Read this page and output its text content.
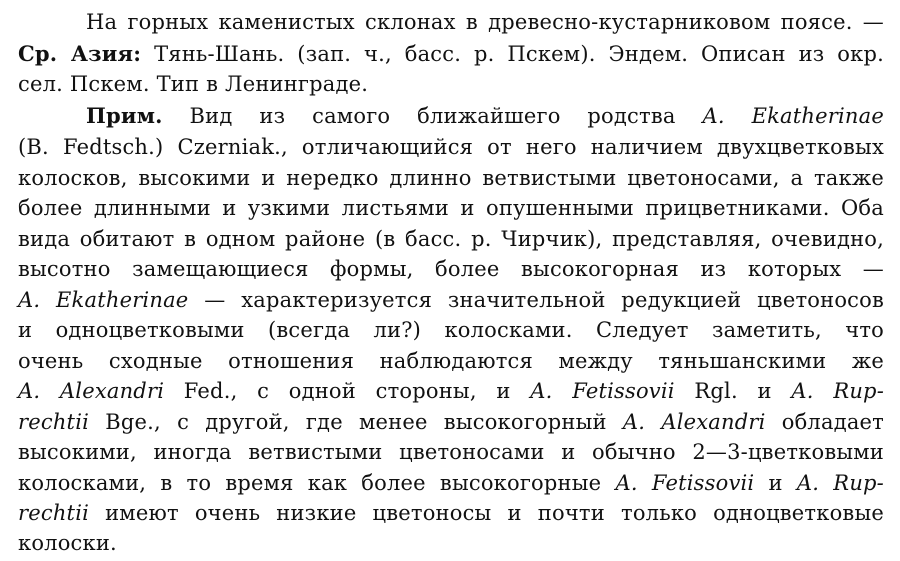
На горных каменистых склонах в древесно-кустарниковом поясе. —
Ср. Азия: Тянь-Шань. (зап. ч., басс. р. Пскем). Эндем. Описан из окр.
сел. Пскем. Тип в Ленинграде.
Прим. Вид из самого ближайшего родства A. Ekatherinae
(B. Fedtsch.) Czerniak., отличающийся от него наличием двухцветковых
колосков, высокими и нередко длинно ветвистыми цветоносами, а также
более длинными и узкими листьями и опушенными прицветниками. Оба
вида обитают в одном районе (в басс. р. Чирчик), представляя, очевидно,
высотно замещающиеся формы, более высокогорная из которых —
A. Ekatherinae — характеризуется значительной редукцией цветоносов
и одноцветковыми (всегда ли?) колосками. Следует заметить, что
очень сходные отношения наблюдаются между тяньшанскими же
A. Alexandri Fed., с одной стороны, и A. Fetissovii Rgl. и A. Rup-
rechtii Bge., с другой, где менее высокогорный A. Alexandri обладает
высокими, иногда ветвистыми цветоносами и обычно 2—3-цветковыми
колосками, в то время как более высокогорные A. Fetissovii и A. Rup-
rechtii имеют очень низкие цветоносы и почти только одноцветковые
колоски.
